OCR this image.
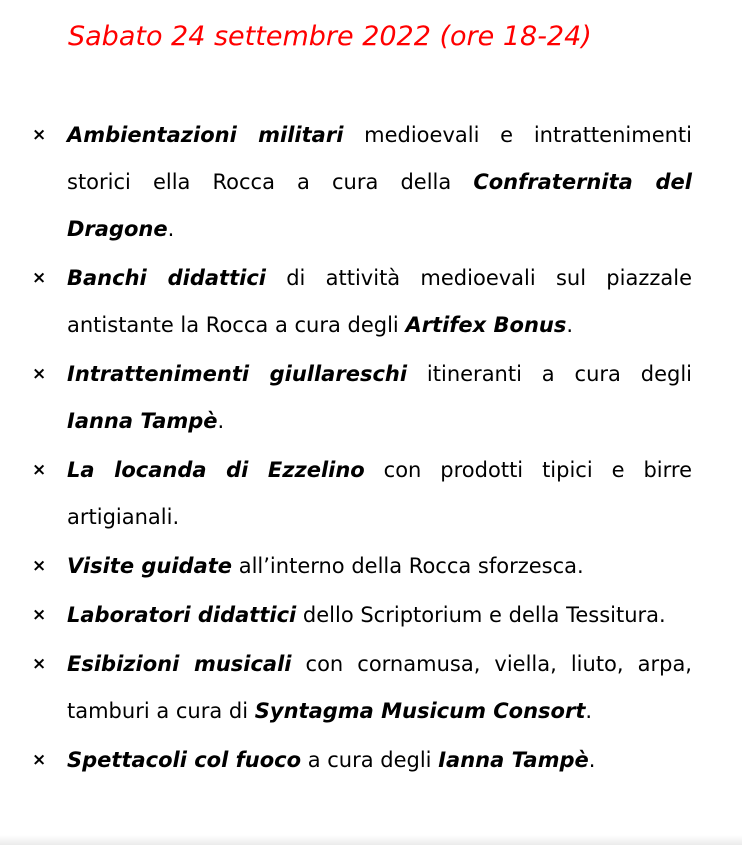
Sabato 24 settembre 2022 (ore 18-24)
× Ambientazioni militari medioevali e intrattenimenti storici ella Rocca a cura della Confraternita del Dragone.
× Banchi didattici di attività medioevali sul piazzale antistante la Rocca a cura degli Artifex Bonus.
× Intrattenimenti giullareschi itineranti a cura degli Ianna Tampè.
× La locanda di Ezzelino con prodotti tipici e birre artigianali.
× Visite guidate all’interno della Rocca sforzesca.
× Laboratori didattici dello Scriptorium e della Tessitura.
× Esibizioni musicali con cornamusa, viella, liuto, arpa, tamburi a cura di Syntagma Musicum Consort.
× Spettacoli col fuoco a cura degli Ianna Tampè.
